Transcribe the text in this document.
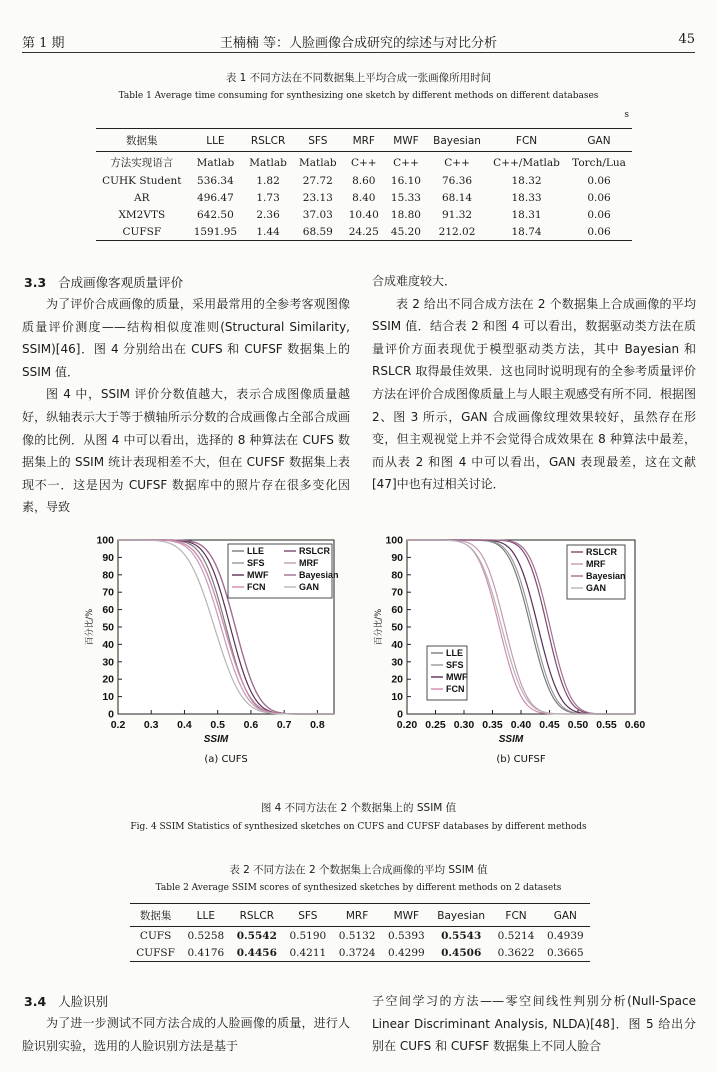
第 1 期	王楠楠 等：人脸画像合成研究的综述与对比分析	45
表 1 不同方法在不同数据集上平均合成一张画像所用时间
Table 1 Average time consuming for synthesizing one sketch by different methods on different databases
s
数据集	LLE	RSLCR	SFS	MRF	MWF	Bayesian	FCN	GAN
方法实现语言	Matlab	Matlab	Matlab	C++	C++	C++	C++/Matlab	Torch/Lua
CUHK Student	536.34	1.82	27.72	8.60	16.10	76.36	18.32	0.06
AR	496.47	1.73	23.13	8.40	15.33	68.14	18.33	0.06
XM2VTS	642.50	2.36	37.03	10.40	18.80	91.32	18.31	0.06
CUFSF	1591.95	1.44	68.59	24.25	45.20	212.02	18.74	0.06
3.3 合成画像客观质量评价

为了评价合成画像的质量，采用最常用的全参考客观图像质量评价测度——结构相似度准则(Structural Similarity, SSIM)[46]．图 4 分别给出在 CUFS 和 CUFSF 数据集上的 SSIM 值．

图 4 中，SSIM 评价分数值越大，表示合成图像质量越好，纵轴表示大于等于横轴所示分数的合成画像占全部合成画像的比例．从图 4 中可以看出，选择的 8 种算法在 CUFS 数据集上的 SSIM 统计表现相差不大，但在 CUFSF 数据集上表现不一．这是因为 CUFSF 数据库中的照片存在很多变化因素，导致

合成难度较大．

表 2 给出不同合成方法在 2 个数据集上合成画像的平均 SSIM 值．结合表 2 和图 4 可以看出，数据驱动类方法在质量评价方面表现优于模型驱动类方法，其中 Bayesian 和 RSLCR 取得最佳效果．这也同时说明现有的全参考质量评价方法在评价合成图像质量上与人眼主观感受有所不同．根据图 2、图 3 所示，GAN 合成画像纹理效果较好，虽然存在形变，但主观视觉上并不会觉得合成效果在 8 种算法中最差，而从表 2 和图 4 中可以看出，GAN 表现最差，这在文献[47]中也有过相关讨论．

0
10
20
30
40
50
60
70
80
90
100
0.2 0.3 0.4 0.5 0.6 0.7 0.8
SSIM
百分比/%
LLE	RSLCR
SFS	MRF
MWF	Bayesian
FCN	GAN
(a) CUFS
0
10
20
30
40
50
60
70
80
90
100
0.20 0.25 0.30 0.35 0.40 0.45 0.50 0.55 0.60
SSIM
百分比/%
RSLCR
MRF
Bayesian
GAN
LLE
SFS
MWF
FCN
(b) CUFSF
图 4 不同方法在 2 个数据集上的 SSIM 值
Fig. 4 SSIM Statistics of synthesized sketches on CUFS and CUFSF databases by different methods
表 2 不同方法在 2 个数据集上合成画像的平均 SSIM 值
Table 2 Average SSIM scores of synthesized sketches by different methods on 2 datasets
数据集	LLE	RSLCR	SFS	MRF	MWF	Bayesian	FCN	GAN
CUFS	0.5258	0.5542	0.5190	0.5132	0.5393	0.5543	0.5214	0.4939
CUFSF	0.4176	0.4456	0.4211	0.3724	0.4299	0.4506	0.3622	0.3665
3.4 人脸识别

为了进一步测试不同方法合成的人脸画像的质量，进行人脸识别实验，选用的人脸识别方法是基于

子空间学习的方法——零空间线性判别分析(Null-Space Linear Discriminant Analysis, NLDA)[48]．图 5 给出分别在 CUFS 和 CUFSF 数据集上不同人脸合
